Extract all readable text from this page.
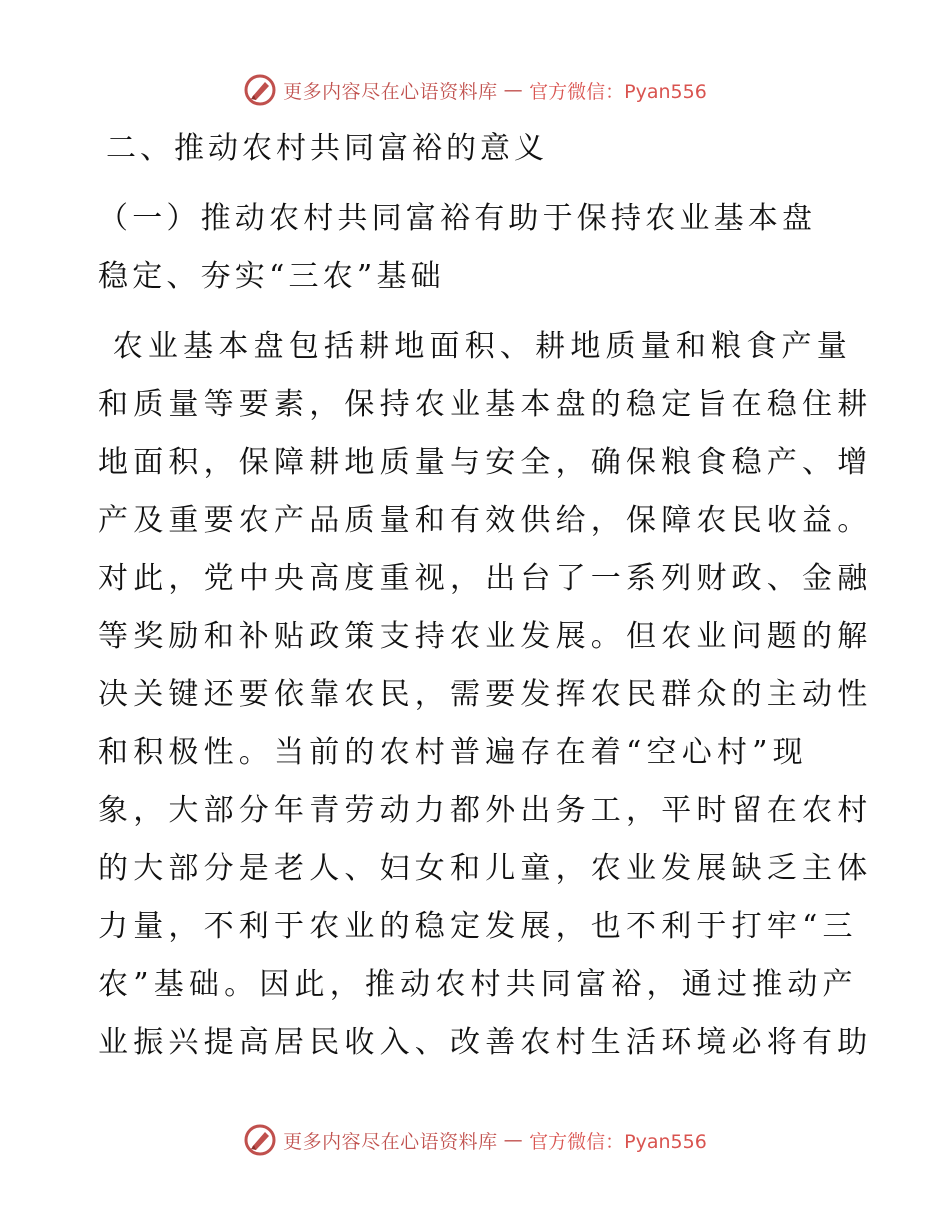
更多内容尽在心语资料库 — 官方微信：Pyan556
二、推动农村共同富裕的意义
（一）推动农村共同富裕有助于保持农业基本盘
稳定、夯实“三农”基础
农业基本盘包括耕地面积、耕地质量和粮食产量
和质量等要素，保持农业基本盘的稳定旨在稳住耕
地面积，保障耕地质量与安全，确保粮食稳产、增
产及重要农产品质量和有效供给，保障农民收益。
对此，党中央高度重视，出台了一系列财政、金融
等奖励和补贴政策支持农业发展。但农业问题的解
决关键还要依靠农民，需要发挥农民群众的主动性
和积极性。当前的农村普遍存在着“空心村”现
象，大部分年青劳动力都外出务工，平时留在农村
的大部分是老人、妇女和儿童，农业发展缺乏主体
力量，不利于农业的稳定发展，也不利于打牢“三
农”基础。因此，推动农村共同富裕，通过推动产
业振兴提高居民收入、改善农村生活环境必将有助
更多内容尽在心语资料库 — 官方微信：Pyan556
